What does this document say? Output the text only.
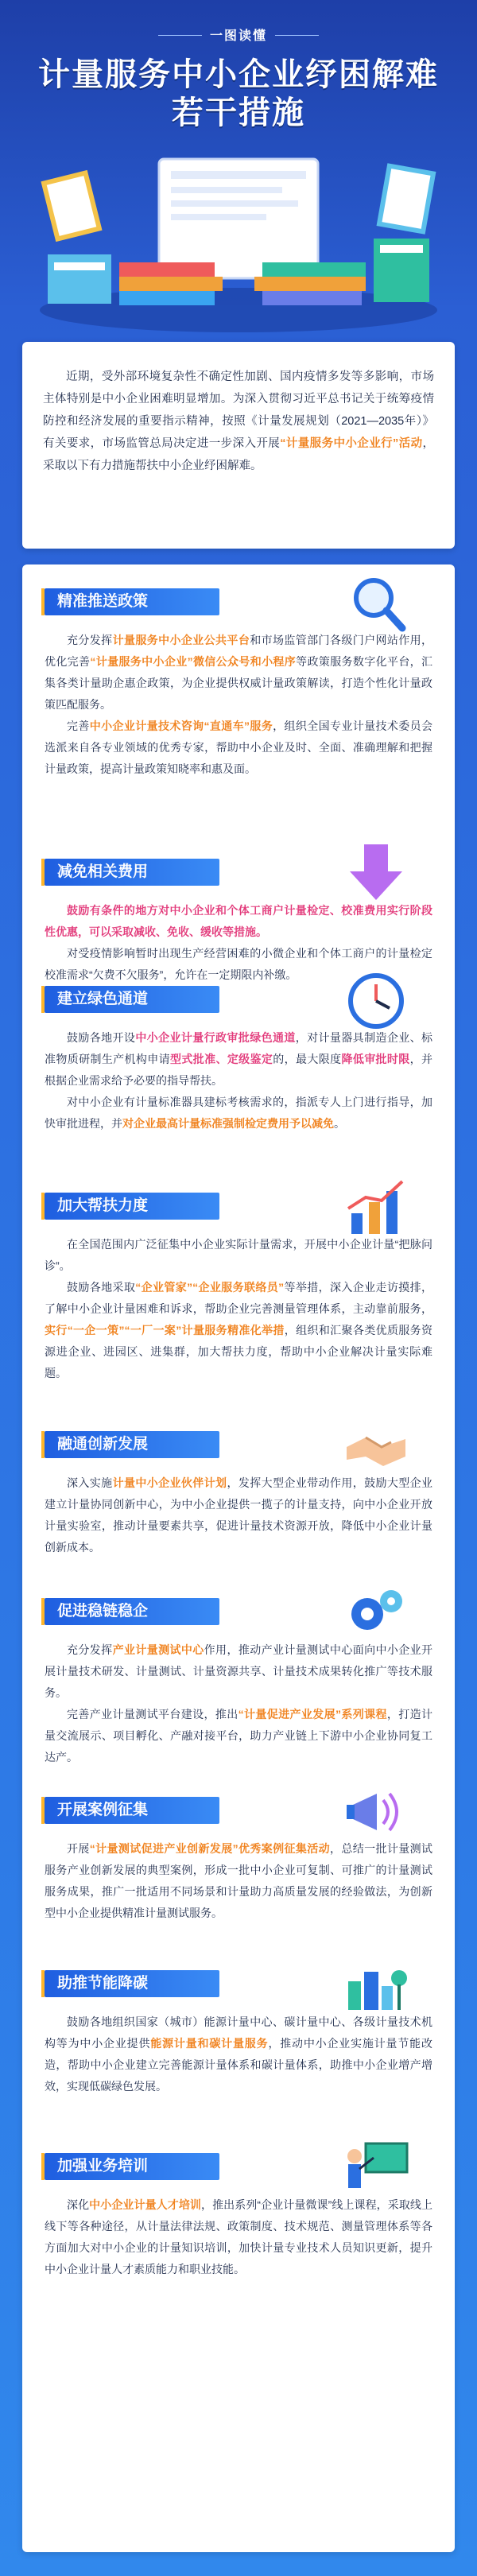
一图读懂
计量服务中小企业纾困解难
若干措施

近期，受外部环境复杂性不确定性加剧、国内疫情多发等多影响，市场主体特别是中小企业困难明显增加。为深入贯彻习近平总书记关于统筹疫情防控和经济发展的重要指示精神，按照《计量发展规划（2021—2035年）》有关要求，市场监管总局决定进一步深入开展“计量服务中小企业行”活动，采取以下有力措施帮扶中小企业纾困解难。

精准推送政策

充分发挥计量服务中小企业公共平台和市场监管部门各级门户网站作用，优化完善“计量服务中小企业”微信公众号和小程序等政策服务数字化平台，汇集各类计量助企惠企政策，为企业提供权威计量政策解读，打造个性化计量政策匹配服务。

完善中小企业计量技术咨询“直通车”服务，组织全国专业计量技术委员会选派来自各专业领域的优秀专家，帮助中小企业及时、全面、准确理解和把握计量政策，提高计量政策知晓率和惠及面。

减免相关费用

鼓励有条件的地方对中小企业和个体工商户计量检定、校准费用实行阶段性优惠，可以采取减收、免收、缓收等措施。

对受疫情影响暂时出现生产经营困难的小微企业和个体工商户的计量检定校准需求“欠费不欠服务”，允许在一定期限内补缴。

建立绿色通道

鼓励各地开设中小企业计量行政审批绿色通道，对计量器具制造企业、标准物质研制生产机构申请型式批准、定级鉴定的，最大限度降低审批时限，并根据企业需求给予必要的指导帮扶。

对中小企业有计量标准器具建标考核需求的，指派专人上门进行指导，加快审批进程，并对企业最高计量标准强制检定费用予以减免。

加大帮扶力度

在全国范围内广泛征集中小企业实际计量需求，开展中小企业计量“把脉问诊”。

鼓励各地采取“企业管家”“企业服务联络员”等举措，深入企业走访摸排，了解中小企业计量困难和诉求，帮助企业完善测量管理体系，主动靠前服务，实行“一企一策”“一厂一案”计量服务精准化举措，组织和汇聚各类优质服务资源进企业、进园区、进集群，加大帮扶力度，帮助中小企业解决计量实际难题。

融通创新发展

深入实施计量中小企业伙伴计划，发挥大型企业带动作用，鼓励大型企业建立计量协同创新中心，为中小企业提供一揽子的计量支持，向中小企业开放计量实验室，推动计量要素共享，促进计量技术资源开放，降低中小企业计量创新成本。

促进稳链稳企

充分发挥产业计量测试中心作用，推动产业计量测试中心面向中小企业开展计量技术研发、计量测试、计量资源共享、计量技术成果转化推广等技术服务。

完善产业计量测试平台建设，推出“计量促进产业发展”系列课程，打造计量交流展示、项目孵化、产融对接平台，助力产业链上下游中小企业协同复工达产。

开展案例征集

开展“计量测试促进产业创新发展”优秀案例征集活动，总结一批计量测试服务产业创新发展的典型案例，形成一批中小企业可复制、可推广的计量测试服务成果，推广一批适用不同场景和计量助力高质量发展的经验做法，为创新型中小企业提供精准计量测试服务。

助推节能降碳

鼓励各地组织国家（城市）能源计量中心、碳计量中心、各级计量技术机构等为中小企业提供能源计量和碳计量服务，推动中小企业实施计量节能改造，帮助中小企业建立完善能源计量体系和碳计量体系，助推中小企业增产增效，实现低碳绿色发展。

加强业务培训

深化中小企业计量人才培训，推出系列“企业计量微课”线上课程，采取线上线下等各种途径，从计量法律法规、政策制度、技术规范、测量管理体系等各方面加大对中小企业的计量知识培训，加快计量专业技术人员知识更新，提升中小企业计量人才素质能力和职业技能。
